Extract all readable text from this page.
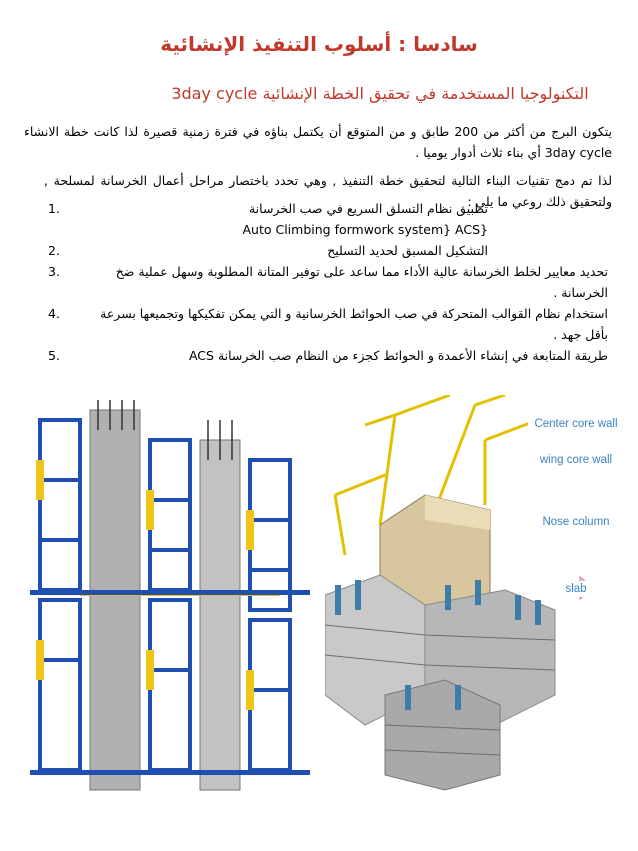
سادسا : أسلوب التنفيذ الإنشائية
التكنولوجيا المستخدمة في تحقيق الخطة الإنشائية 3day cycle

يتكون البرج من أكثر من 200 طابق و من المتوقع أن يكتمل بناؤه في فترة زمنية قصيرة لذا كانت خطة الانشاء 3day cycle أي بناء ثلاث أدوار يوميا .

لذا تم دمج تقنيات البناء التالية لتحقيق خطة التنفيذ , وهي تحدد باختصار مراحل أعمال الخرسانة لمسلحة , ولتحقيق ذلك روعي ما يلي :

تطبيق نظام التسلق السريع في صب الخرسانة
Auto Climbing formwork system} ACS}
1.
التشكيل المسبق لحديد التسليح
2.
تحديد معايير لخلط الخرسانة عالية الأداء مما ساعد على توفير المتانة المطلوبة وسهل عملية ضخ الخرسانة .
3.
استخدام نظام القوالب المتحركة في صب الحوائط الخرسانية و التي يمكن تفكيكها وتجميعها بسرعة بأقل جهد .
4.
طريقة المتابعة في إنشاء الأعمدة و الحوائط كجزء من النظام صب الخرسانة ACS
5.
Center core wall
wing core wall
Nose column
slab
